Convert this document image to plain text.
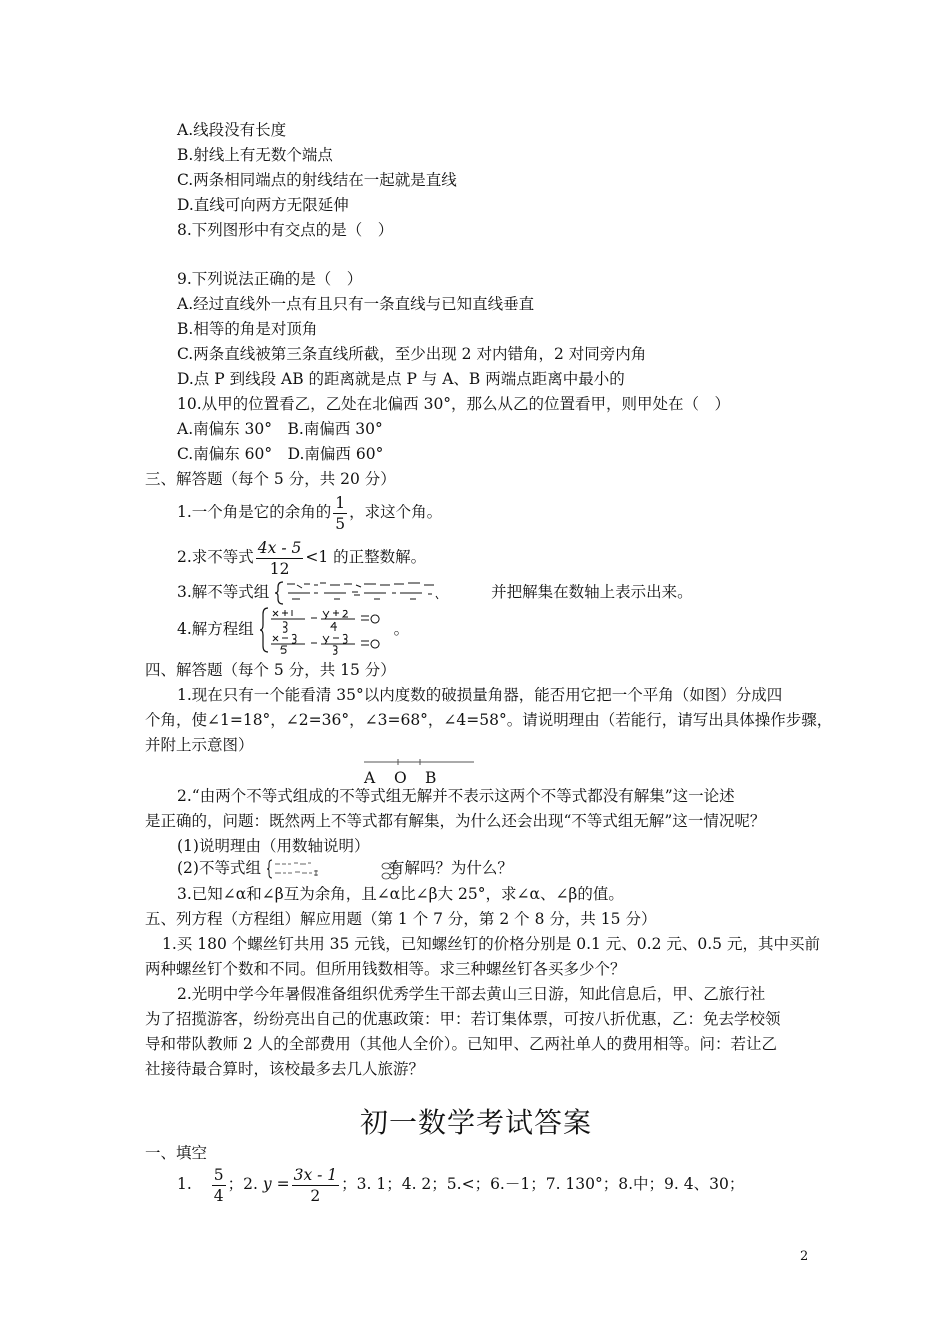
A.线段没有长度
B.射线上有无数个端点
C.两条相同端点的射线结在一起就是直线
D.直线可向两方无限延伸
8.下列图形中有交点的是（　）
9.下列说法正确的是（　）
A.经过直线外一点有且只有一条直线与已知直线垂直
B.相等的角是对顶角
C.两条直线被第三条直线所截，至少出现 2 对内错角，2 对同旁内角
D.点 P 到线段 AB 的距离就是点 P 与 A、B 两端点距离中最小的
10.从甲的位置看乙，乙处在北偏西 30°，那么从乙的位置看甲，则甲处在（　）
A.南偏东 30°　B.南偏西 30°
C.南偏东 60°　D.南偏西 60°
三、解答题（每个 5 分，共 20 分）
1.一个角是它的余角的 $\frac{1}{5}$ ，求这个角。
2.求不等式 $\frac{4x - 5}{12} <1$ 的正整数解。
3.解不等式组	并把解集在数轴上表示出来。
4.解方程组	。
四、解答题（每个 5 分，共 15 分）
1.现在只有一个能看清 35°以内度数的破损量角器，能否用它把一个平角（如图）分成四
个角，使∠1=18°，∠2=36°，∠3=68°，∠4=58°。请说明理由（若能行，请写出具体操作步骤，
并附上示意图）
A O B
2.“由两个不等式组成的不等式组无解并不表示这两个不等式都没有解集”这一论述
是正确的，问题：既然两上不等式都有解集，为什么还会出现“不等式组无解”这一情况呢？
(1)说明理由（用数轴说明）
(2)不等式组	有解吗？为什么？
3.已知∠α和∠β互为余角，且∠α比∠β大 25°，求∠α、∠β的值。
五、列方程（方程组）解应用题（第 1 个 7 分，第 2 个 8 分，共 15 分）
1.买 180 个螺丝钉共用 35 元钱，已知螺丝钉的价格分别是 0.1 元、0.2 元、0.5 元，其中买前
两种螺丝钉个数和不同。但所用钱数相等。求三种螺丝钉各买多少个？
2.光明中学今年暑假准备组织优秀学生干部去黄山三日游，知此信息后，甲、乙旅行社
为了招揽游客，纷纷亮出自己的优惠政策：甲：若订集体票，可按八折优惠，乙：免去学校领
导和带队教师 2 人的全部费用（其他人全价）。已知甲、乙两社单人的费用相等。问：若让乙
社接待最合算时，该校最多去几人旅游？
初一数学考试答案
一、填空
1. $\frac{5}{4}$ ；2. $y = \frac{3x - 1}{2}$ ；3. 1；4. 2；5.<；6.－1；7. 130°；8.中；9. 4、30；
2
